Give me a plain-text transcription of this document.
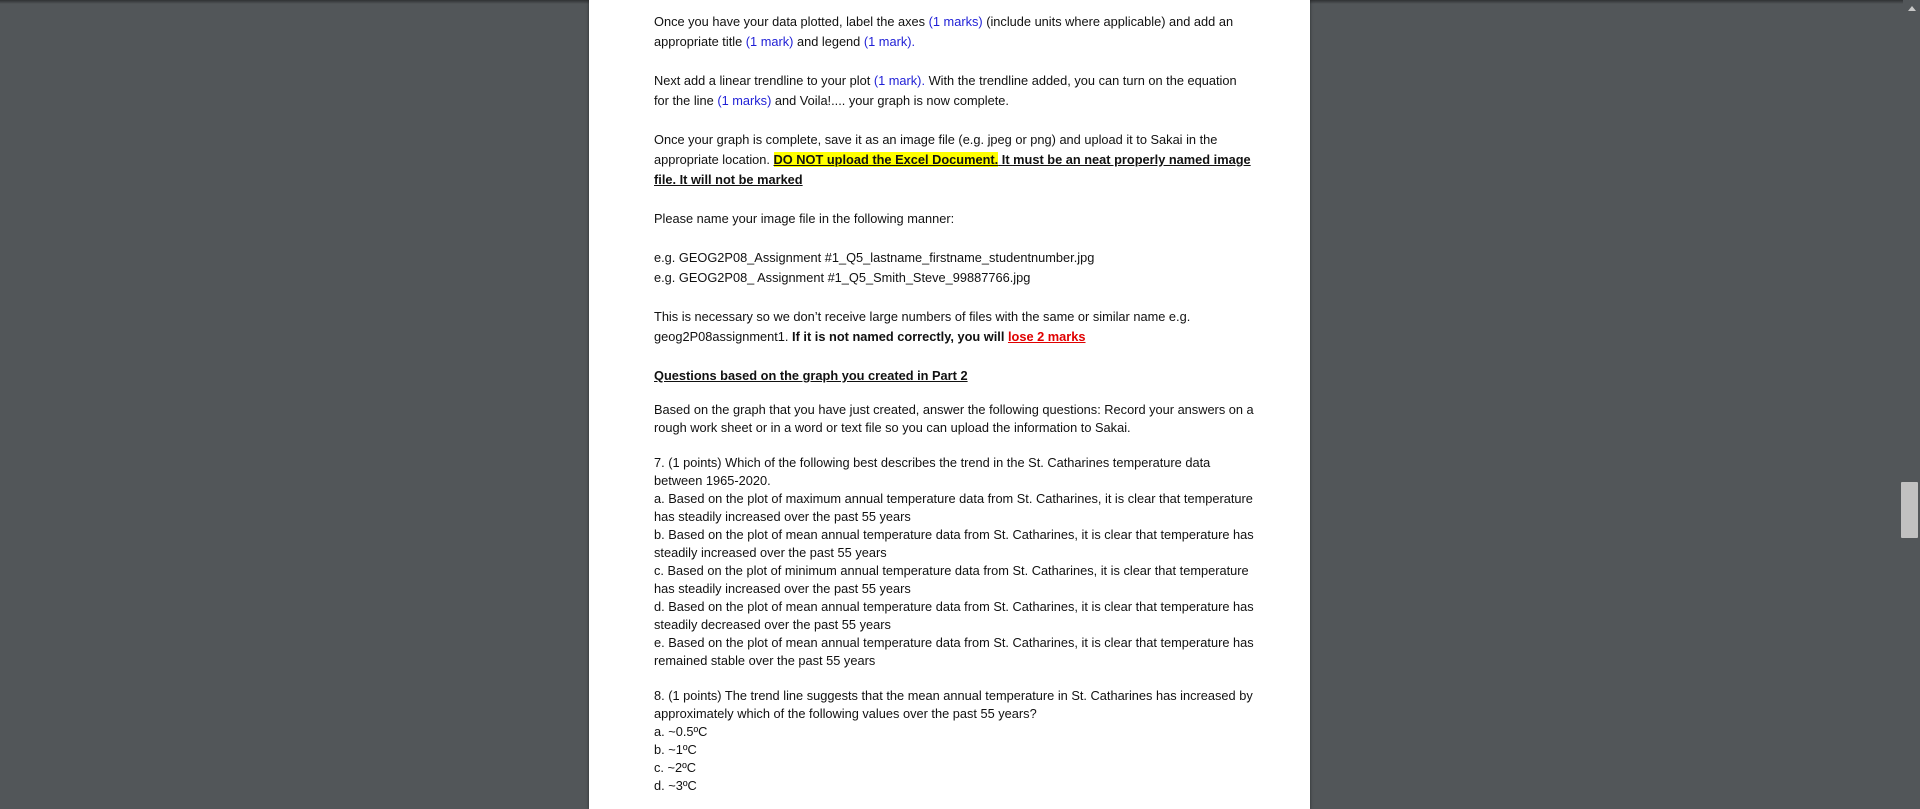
Once you have your data plotted, label the axes (1 marks) (include units where applicable) and add an appropriate title (1 mark) and legend (1 mark).

Next add a linear trendline to your plot (1 mark). With the trendline added, you can turn on the equation for the line (1 marks) and Voila!.... your graph is now complete.

Once your graph is complete, save it as an image file (e.g. jpeg or png) and upload it to Sakai in the appropriate location. DO NOT upload the Excel Document. It must be an neat properly named image file. It will not be marked

Please name your image file in the following manner:

e.g. GEOG2P08_Assignment #1_Q5_lastname_firstname_studentnumber.jpg

e.g. GEOG2P08_ Assignment #1_Q5_Smith_Steve_99887766.jpg

This is necessary so we don’t receive large numbers of files with the same or similar name e.g. geog2P08assignment1. If it is not named correctly, you will lose 2 marks

Questions based on the graph you created in Part 2

Based on the graph that you have just created, answer the following questions: Record your answers on a rough work sheet or in a word or text file so you can upload the information to Sakai.

7. (1 points) Which of the following best describes the trend in the St. Catharines temperature data between 1965-2020.

a. Based on the plot of maximum annual temperature data from St. Catharines, it is clear that temperature has steadily increased over the past 55 years

b. Based on the plot of mean annual temperature data from St. Catharines, it is clear that temperature has steadily increased over the past 55 years

c. Based on the plot of minimum annual temperature data from St. Catharines, it is clear that temperature has steadily increased over the past 55 years

d. Based on the plot of mean annual temperature data from St. Catharines, it is clear that temperature has steadily decreased over the past 55 years

e. Based on the plot of mean annual temperature data from St. Catharines, it is clear that temperature has remained stable over the past 55 years

8. (1 points) The trend line suggests that the mean annual temperature in St. Catharines has increased by approximately which of the following values over the past 55 years?

a. ~0.5ºC

b. ~1ºC

c. ~2ºC

d. ~3ºC
